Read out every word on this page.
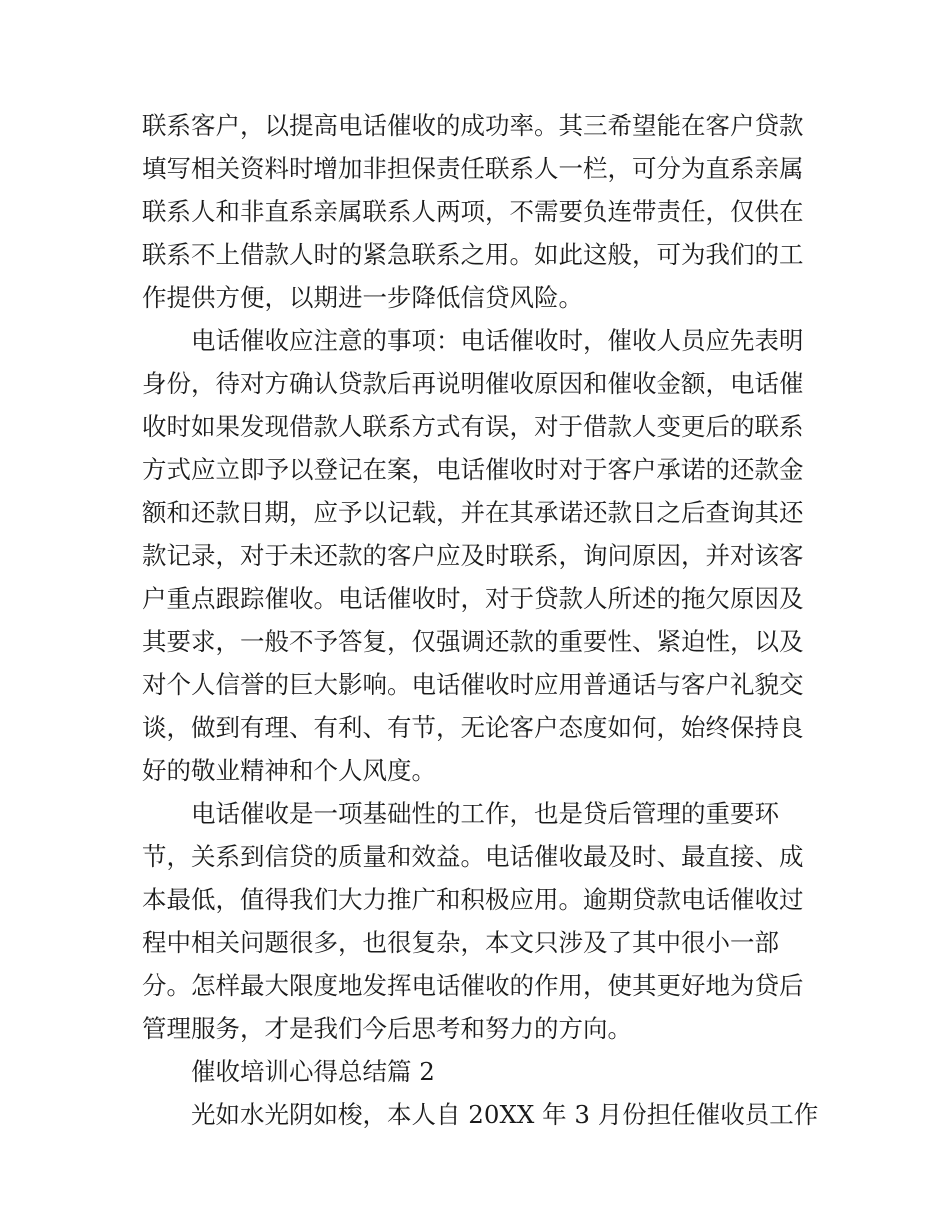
联系客户，以提高电话催收的成功率。其三希望能在客户贷款
填写相关资料时增加非担保责任联系人一栏，可分为直系亲属
联系人和非直系亲属联系人两项，不需要负连带责任，仅供在
联系不上借款人时的紧急联系之用。如此这般，可为我们的工
作提供方便，以期进一步降低信贷风险。
电话催收应注意的事项：电话催收时，催收人员应先表明
身份，待对方确认贷款后再说明催收原因和催收金额，电话催
收时如果发现借款人联系方式有误，对于借款人变更后的联系
方式应立即予以登记在案，电话催收时对于客户承诺的还款金
额和还款日期，应予以记载，并在其承诺还款日之后查询其还
款记录，对于未还款的客户应及时联系，询问原因，并对该客
户重点跟踪催收。电话催收时，对于贷款人所述的拖欠原因及
其要求，一般不予答复，仅强调还款的重要性、紧迫性，以及
对个人信誉的巨大影响。电话催收时应用普通话与客户礼貌交
谈，做到有理、有利、有节，无论客户态度如何，始终保持良
好的敬业精神和个人风度。
电话催收是一项基础性的工作，也是贷后管理的重要环
节，关系到信贷的质量和效益。电话催收最及时、最直接、成
本最低，值得我们大力推广和积极应用。逾期贷款电话催收过
程中相关问题很多，也很复杂，本文只涉及了其中很小一部
分。怎样最大限度地发挥电话催收的作用，使其更好地为贷后
管理服务，才是我们今后思考和努力的方向。
催收培训心得总结篇 2
光如水光阴如梭，本人自 20XX 年 3 月份担任催收员工作
